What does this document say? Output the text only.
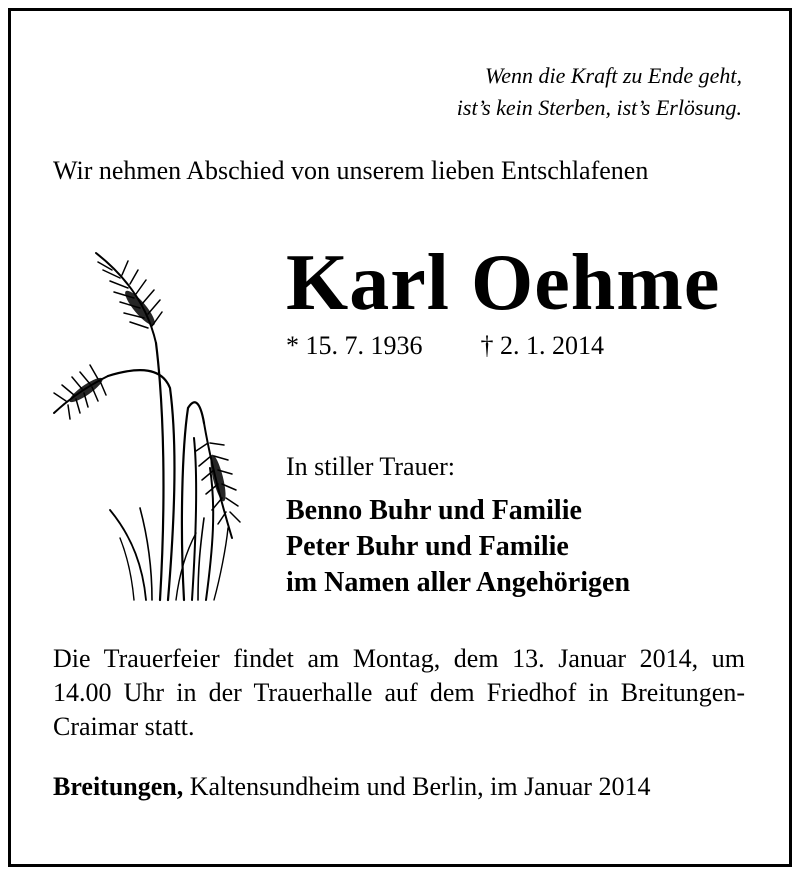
Wenn die Kraft zu Ende geht,
ist’s kein Sterben, ist’s Erlösung.
Wir nehmen Abschied von unserem lieben Entschlafenen
Karl Oehme
* 15. 7. 1936 † 2. 1. 2014
In stiller Trauer:
Benno Buhr und Familie
Peter Buhr und Familie
im Namen aller Angehörigen
Die Trauerfeier findet am Montag, dem 13. Januar 2014, um 14.00 Uhr in der Trauerhalle auf dem Friedhof in Breitungen-Craimar statt.
Breitungen, Kaltensundheim und Berlin, im Januar 2014
